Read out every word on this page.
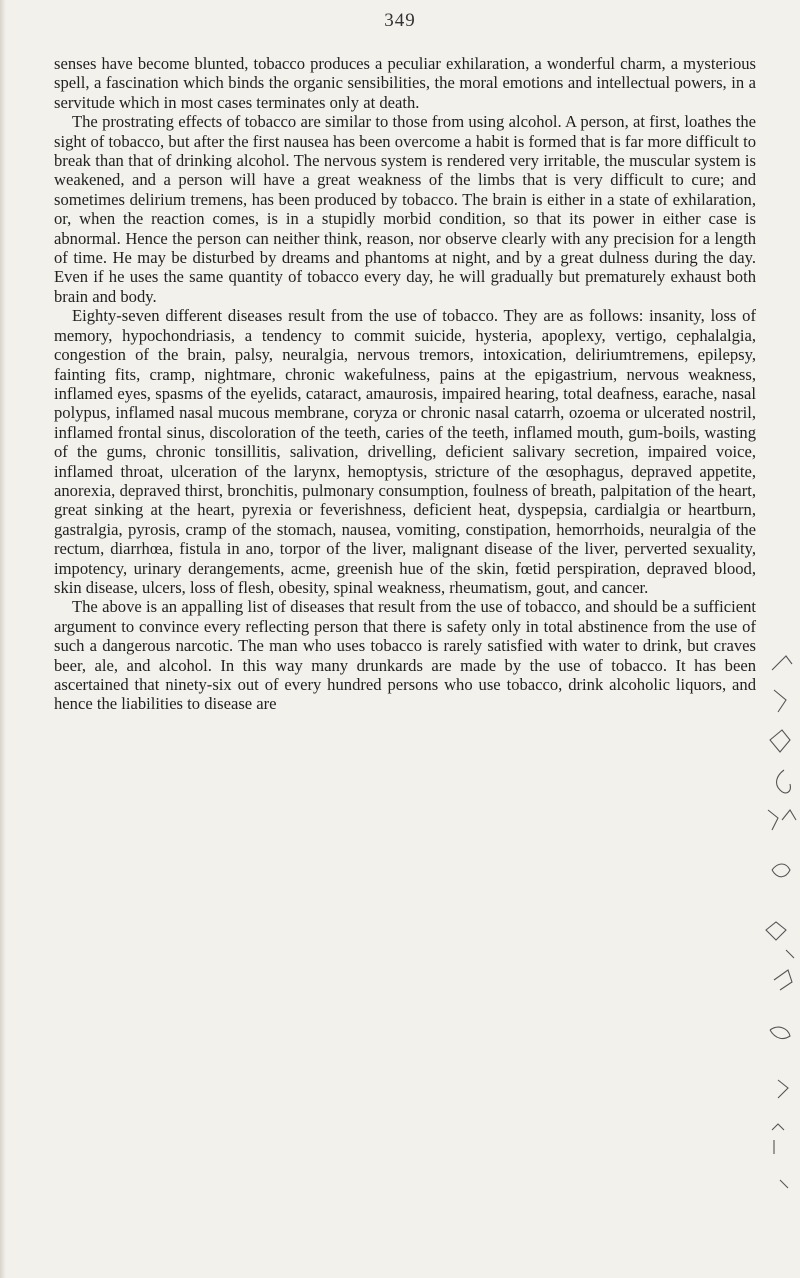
349

senses have become blunted, tobacco produces a peculiar exhilaration, a wonderful charm, a mysterious spell, a fascination which binds the organic sensibilities, the moral emotions and intellectual powers, in a servitude which in most cases terminates only at death.

The prostrating effects of tobacco are similar to those from using alcohol. A person, at first, loathes the sight of tobacco, but after the first nausea has been overcome a habit is formed that is far more difficult to break than that of drinking alcohol. The nervous system is rendered very irritable, the muscular system is weakened, and a person will have a great weakness of the limbs that is very difficult to cure; and sometimes delirium tremens, has been produced by tobacco. The brain is either in a state of exhilaration, or, when the reaction comes, is in a stupidly morbid condition, so that its power in either case is abnormal. Hence the person can neither think, reason, nor observe clearly with any precision for a length of time. He may be disturbed by dreams and phantoms at night, and by a great dulness during the day. Even if he uses the same quantity of tobacco every day, he will gradually but prematurely exhaust both brain and body.

Eighty-seven different diseases result from the use of tobacco. They are as follows: insanity, loss of memory, hypochondriasis, a tendency to commit suicide, hysteria, apoplexy, vertigo, cephalalgia, congestion of the brain, palsy, neuralgia, nervous tremors, intoxication, deliriumtremens, epilepsy, fainting fits, cramp, nightmare, chronic wakefulness, pains at the epigastrium, nervous weakness, inflamed eyes, spasms of the eyelids, cataract, amaurosis, impaired hearing, total deafness, earache, nasal polypus, inflamed nasal mucous membrane, coryza or chronic nasal catarrh, ozoema or ulcerated nostril, inflamed frontal sinus, discoloration of the teeth, caries of the teeth, inflamed mouth, gum-boils, wasting of the gums, chronic tonsillitis, salivation, drivelling, deficient salivary secretion, impaired voice, inflamed throat, ulceration of the larynx, hemoptysis, stricture of the œsophagus, depraved appetite, anorexia, depraved thirst, bronchitis, pulmonary consumption, foulness of breath, palpitation of the heart, great sinking at the heart, pyrexia or feverishness, deficient heat, dyspepsia, cardialgia or heartburn, gastralgia, pyrosis, cramp of the stomach, nausea, vomiting, constipation, hemorrhoids, neuralgia of the rectum, diarrhœa, fistula in ano, torpor of the liver, malignant disease of the liver, perverted sexuality, impotency, urinary derangements, acme, greenish hue of the skin, fœtid perspiration, depraved blood, skin disease, ulcers, loss of flesh, obesity, spinal weakness, rheumatism, gout, and cancer.

The above is an appalling list of diseases that result from the use of tobacco, and should be a sufficient argument to convince every reflecting person that there is safety only in total abstinence from the use of such a dangerous narcotic. The man who uses tobacco is rarely satisfied with water to drink, but craves beer, ale, and alcohol. In this way many drunkards are made by the use of tobacco. It has been ascertained that ninety-six out of every hundred persons who use tobacco, drink alcoholic liquors, and hence the liabilities to disease are
